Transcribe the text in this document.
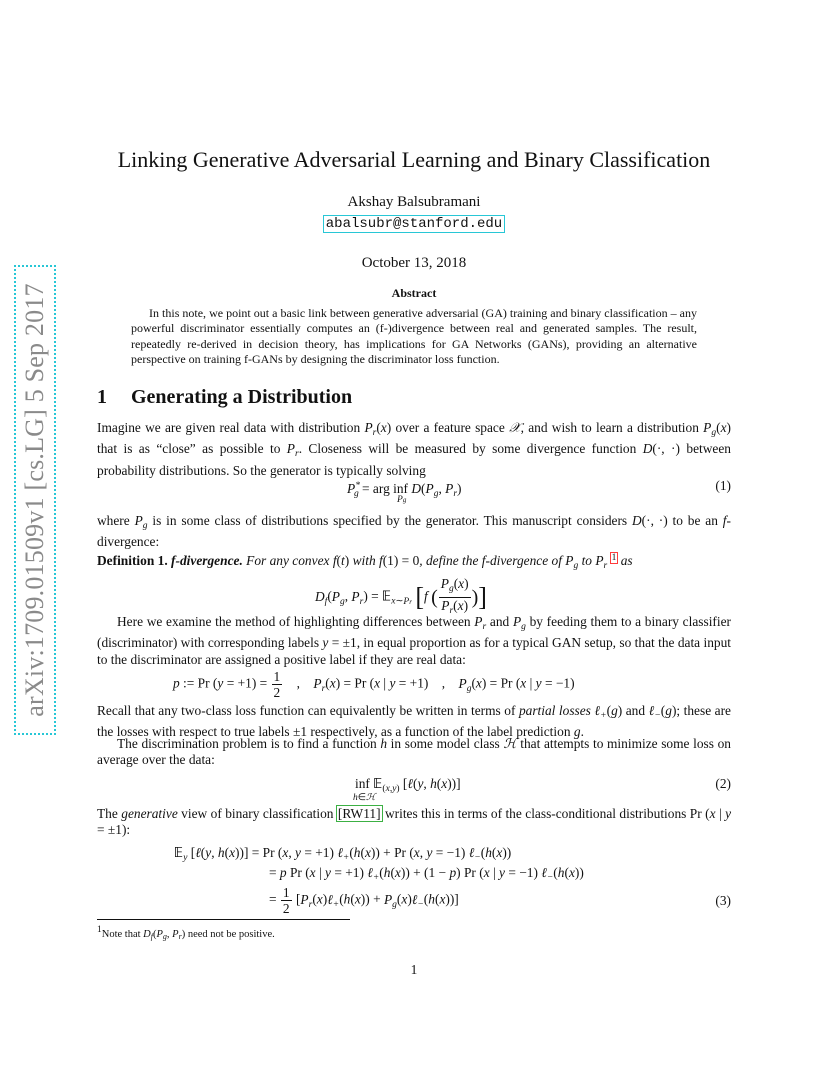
arXiv:1709.01509v1 [cs.LG] 5 Sep 2017
Linking Generative Adversarial Learning and Binary Classification
Akshay Balsubramani
abalsubr@stanford.edu
October 13, 2018
Abstract
In this note, we point out a basic link between generative adversarial (GA) training and binary classification – any powerful discriminator essentially computes an (f-)divergence between real and generated samples. The result, repeatedly re-derived in decision theory, has implications for GA Networks (GANs), providing an alternative perspective on training f-GANs by designing the discriminator loss function.
1 Generating a Distribution
Imagine we are given real data with distribution $P_r(x)$ over a feature space 𝒳, and wish to learn a distribution $P_g(x)$ that is as “close” as possible to $P_r$. Closeness will be measured by some divergence function D(·, ·) between probability distributions. So the generator is typically solving
$P^*_g$ = arg inf $D(P_g$, $P_r$)
Pg
(1)
where $P_g$ is in some class of distributions specified by the generator. This manuscript considers D(·, ·) to be an f-divergence:
Definition 1. f-divergence. For any convex f(t) with f(1) = 0, define the f-divergence of $P_g$ to $P_r$ $^1$ as
$D_f(P_g$, $P_r$) = 𝔼$_{x\sim Pr}$ [f ( $\frac{P_g(x)}{P_r(x)}$ )]
Here we examine the method of highlighting differences between $P_r$ and $P_g$ by feeding them to a binary classifier (discriminator) with corresponding labels y = ±1, in equal proportion as for a typical GAN setup, so that the data input to the discriminator are assigned a positive label if they are real data:
p := Pr $(y = +1) = \frac{1}{2}$ ,    $P_r(x) = Pr$ (x | y = +1)    ,    $P_g(x) = Pr$ (x | y = −1)
Recall that any two-class loss function can equivalently be written in terms of partial losses ℓ$_+$(g) and ℓ$_-$(g); these are the losses with respect to true labels ±1 respectively, as a function of the label prediction g.
The discrimination problem is to find a function h in some model class ℋ that attempts to minimize some loss on average over the data:
inf 𝔼$_{(x,y)}$ [ℓ(y, h(x))]
h∈ℋ
(2)
The generative view of binary classification [RW11] writes this in terms of the class-conditional distributions Pr (x | y = ±1):
𝔼$_y$ [ℓ(y, h(x))] = Pr (x, y = +1) ℓ$_+$(h(x)) + Pr (x, y = −1) ℓ$_-$(h(x))
= p Pr (x | y = +1) ℓ$_+$(h(x)) + (1 − p) Pr (x | y = −1) ℓ$_-$(h(x))
= $\frac{1}{2}$ [$P_r(x)\ell_+(h(x))$ + $P_g(x)\ell_-(h(x))$]	(3)
1Note that Df(Pg, Pr) need not be positive.
1
